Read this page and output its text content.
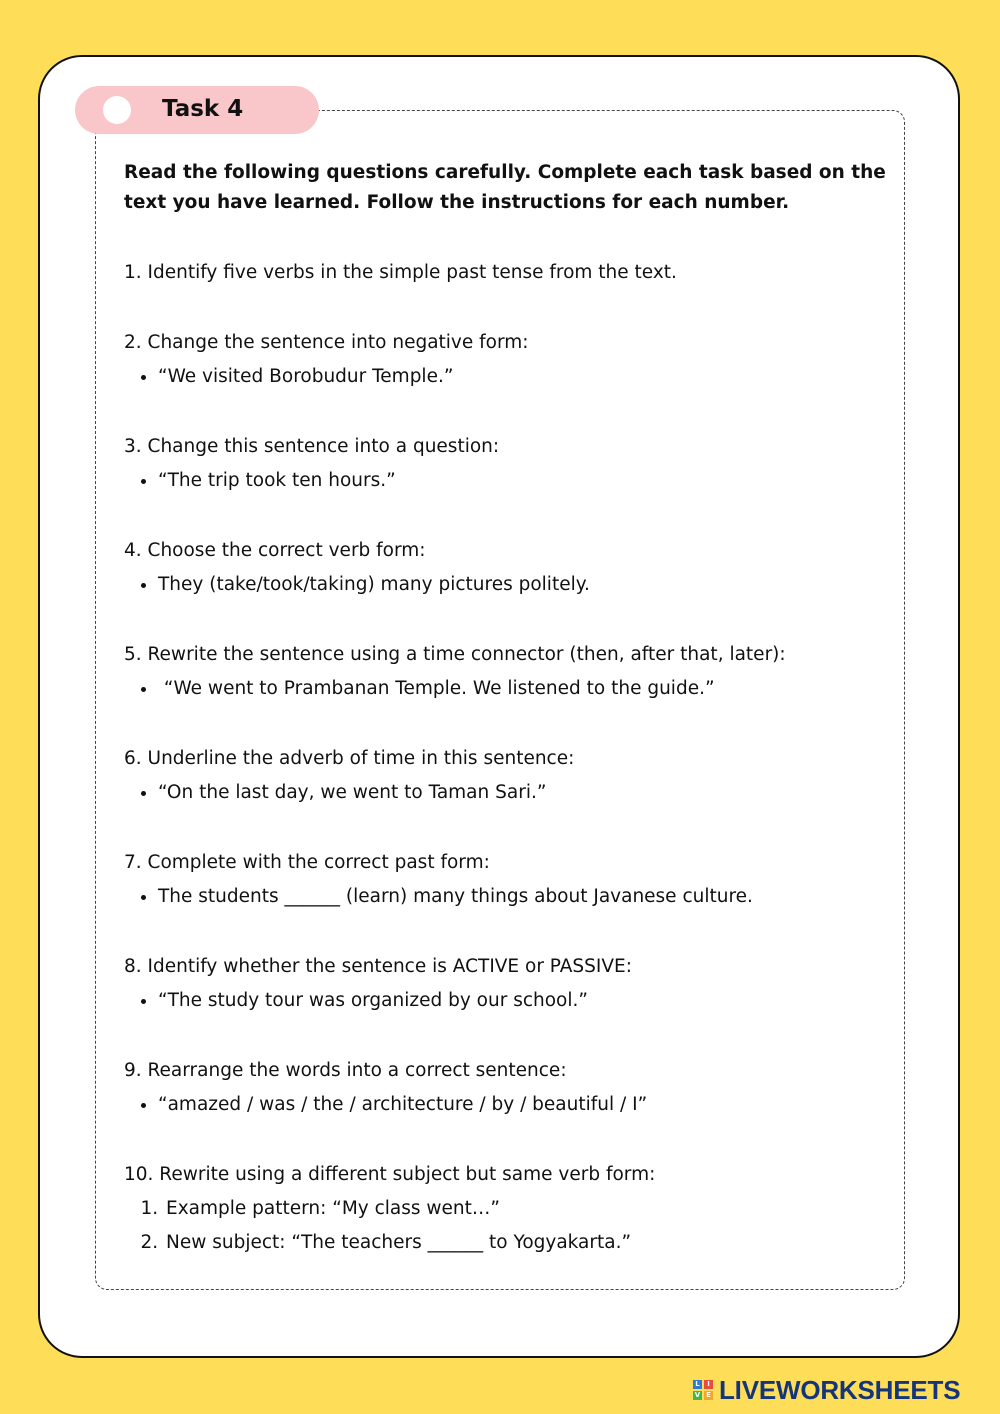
Task 4

Read the following questions carefully. Complete each task based on the text you have learned. Follow the instructions for each number.

1. Identify five verbs in the simple past tense from the text.

2. Change the sentence into negative form:

• “We visited Borobudur Temple.”

3. Change this sentence into a question:

• “The trip took ten hours.”

4. Choose the correct verb form:

• They (take/took/taking) many pictures politely.

5. Rewrite the sentence using a time connector (then, after that, later):

•  “We went to Prambanan Temple. We listened to the guide.”

6. Underline the adverb of time in this sentence:

• “On the last day, we went to Taman Sari.”

7. Complete with the correct past form:

• The students ______ (learn) many things about Javanese culture.

8. Identify whether the sentence is ACTIVE or PASSIVE:

• “The study tour was organized by our school.”

9. Rearrange the words into a correct sentence:

• “amazed / was / the / architecture / by / beautiful / I”

10. Rewrite using a different subject but same verb form:

1. Example pattern: “My class went…”
2. New subject: “The teachers ______ to Yogyakarta.”
L	I
V E LIVEWORKSHEETS
